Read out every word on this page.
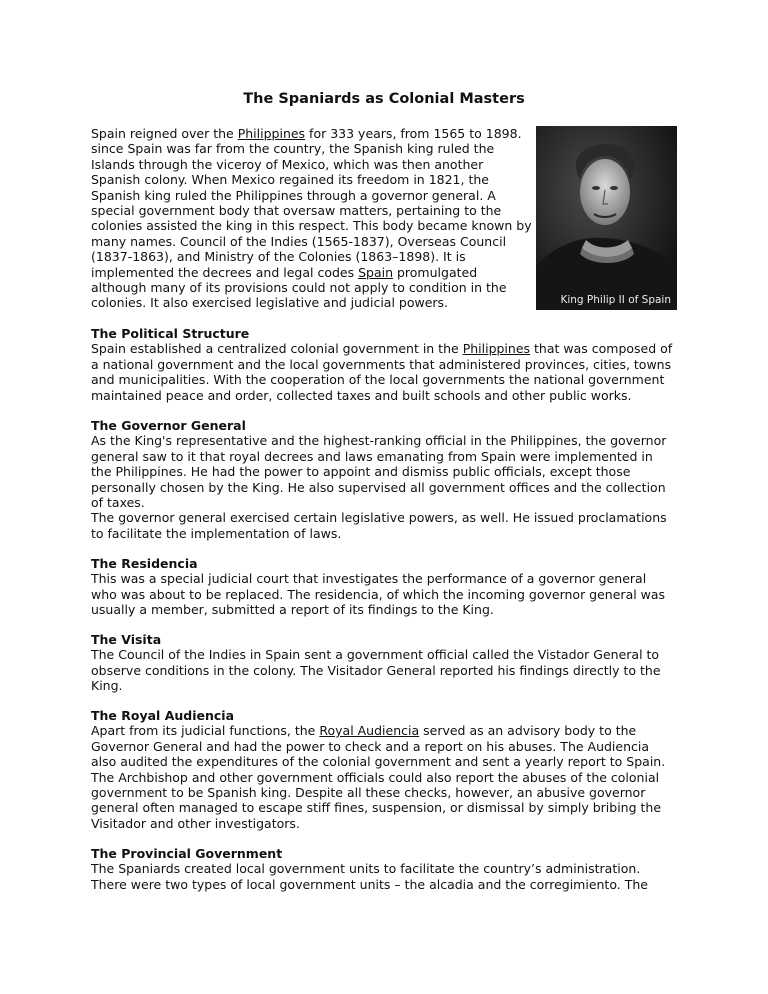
The Spaniards as Colonial Masters
Spain reigned over the Philippines for 333 years, from 1565 to 1898.
since Spain was far from the country, the Spanish king ruled the
Islands through the viceroy of Mexico, which was then another
Spanish colony. When Mexico regained its freedom in 1821, the
Spanish king ruled the Philippines through a governor general. A
special government body that oversaw matters, pertaining to the
colonies assisted the king in this respect. This body became known by
many names. Council of the Indies (1565-1837), Overseas Council
(1837-1863), and Ministry of the Colonies (1863–1898). It is
implemented the decrees and legal codes Spain promulgated
although many of its provisions could not apply to condition in the
colonies. It also exercised legislative and judicial powers.	King Philip II of Spain
The Political Structure
Spain established a centralized colonial government in the Philippines that was composed of
a national government and the local governments that administered provinces, cities, towns
and municipalities. With the cooperation of the local governments the national government
maintained peace and order, collected taxes and built schools and other public works.
The Governor General
As the King's representative and the highest-ranking official in the Philippines, the governor
general saw to it that royal decrees and laws emanating from Spain were implemented in
the Philippines. He had the power to appoint and dismiss public officials, except those
personally chosen by the King. He also supervised all government offices and the collection
of taxes.
The governor general exercised certain legislative powers, as well. He issued proclamations
to facilitate the implementation of laws.
The Residencia
This was a special judicial court that investigates the performance of a governor general
who was about to be replaced. The residencia, of which the incoming governor general was
usually a member, submitted a report of its findings to the King.
The Visita
The Council of the Indies in Spain sent a government official called the Vistador General to
observe conditions in the colony. The Visitador General reported his findings directly to the
King.
The Royal Audiencia
Apart from its judicial functions, the Royal Audiencia served as an advisory body to the
Governor General and had the power to check and a report on his abuses. The Audiencia
also audited the expenditures of the colonial government and sent a yearly report to Spain.
The Archbishop and other government officials could also report the abuses of the colonial
government to be Spanish king. Despite all these checks, however, an abusive governor
general often managed to escape stiff fines, suspension, or dismissal by simply bribing the
Visitador and other investigators.
The Provincial Government
The Spaniards created local government units to facilitate the country’s administration.
There were two types of local government units – the alcadia and the corregimiento. The
